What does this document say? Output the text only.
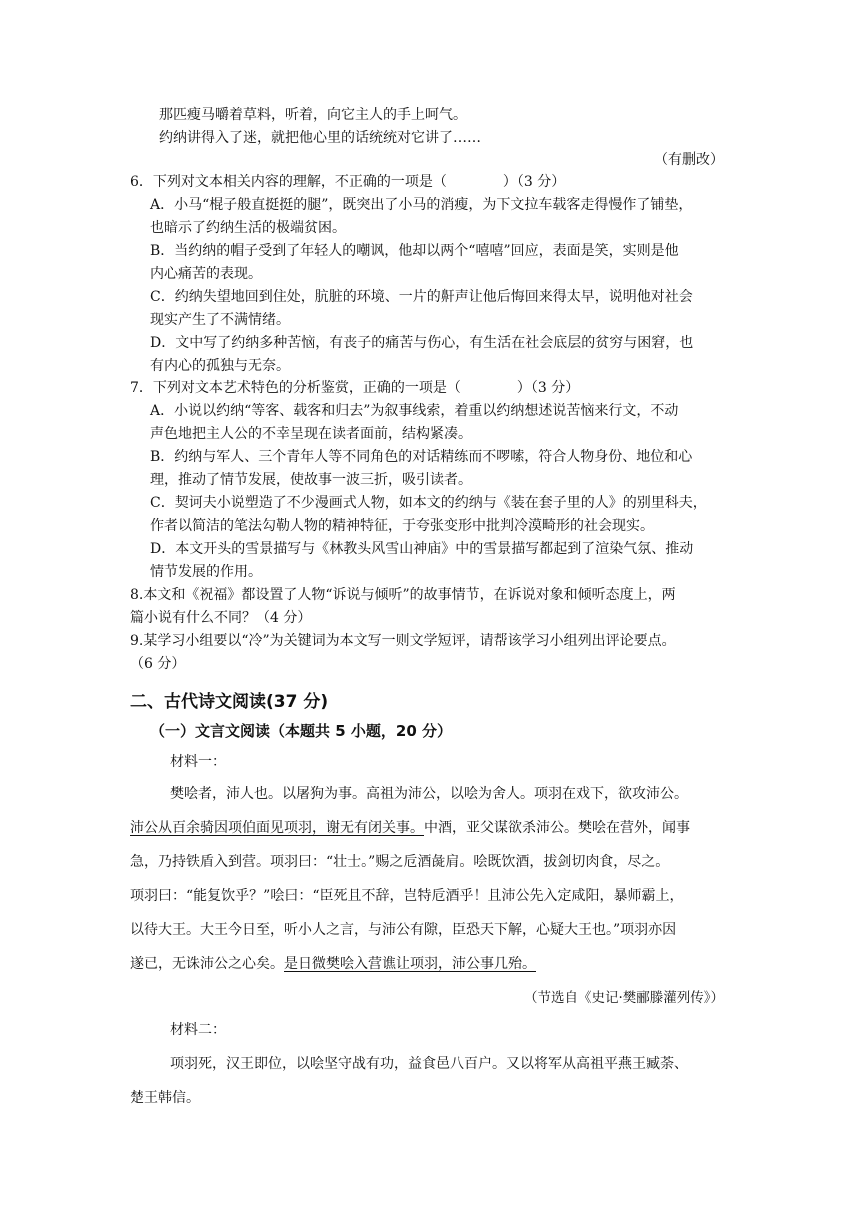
那匹瘦马嚼着草料，听着，向它主人的手上呵气。
约纳讲得入了迷，就把他心里的话统统对它讲了……
（有删改）
6．下列对文本相关内容的理解，不正确的一项是（　　　　）（3 分）
A．小马“棍子般直挺挺的腿”，既突出了小马的消瘦，为下文拉车载客走得慢作了铺垫，
也暗示了约纳生活的极端贫困。
B．当约纳的帽子受到了年轻人的嘲讽，他却以两个“嘻嘻”回应，表面是笑，实则是他
内心痛苦的表现。
C．约纳失望地回到住处，肮脏的环境、一片的鼾声让他后悔回来得太早，说明他对社会
现实产生了不满情绪。
D．文中写了约纳多种苦恼，有丧子的痛苦与伤心，有生活在社会底层的贫穷与困窘，也
有内心的孤独与无奈。
7．下列对文本艺术特色的分析鉴赏，正确的一项是（　　　　）（3 分）
A．小说以约纳“等客、载客和归去”为叙事线索，着重以约纳想述说苦恼来行文，不动
声色地把主人公的不幸呈现在读者面前，结构紧凑。
B．约纳与军人、三个青年人等不同角色的对话精练而不啰嗦，符合人物身份、地位和心
理，推动了情节发展，使故事一波三折，吸引读者。
C．契诃夫小说塑造了不少漫画式人物，如本文的约纳与《装在套子里的人》的别里科夫，
作者以简洁的笔法勾勒人物的精神特征，于夸张变形中批判冷漠畸形的社会现实。
D．本文开头的雪景描写与《林教头风雪山神庙》中的雪景描写都起到了渲染气氛、推动
情节发展的作用。
8.本文和《祝福》都设置了人物“诉说与倾听”的故事情节，在诉说对象和倾听态度上，两
篇小说有什么不同？（4 分）
9.某学习小组要以“冷”为关键词为本文写一则文学短评，请帮该学习小组列出评论要点。
（6 分）
二、古代诗文阅读(37 分)
（一）文言文阅读（本题共 5 小题，20 分）
材料一：
樊哙者，沛人也。以屠狗为事。高祖为沛公，以哙为舍人。项羽在戏下，欲攻沛公。
沛公从百余骑因项伯面见项羽，谢无有闭关事。中酒，亚父谋欲杀沛公。樊哙在营外，闻事
急，乃持铁盾入到营。项羽曰：“壮士。”赐之卮酒彘肩。哙既饮酒，拔剑切肉食，尽之。
项羽曰：“能复饮乎？”哙曰：“臣死且不辞，岂特卮酒乎！且沛公先入定咸阳，暴师霸上，
以待大王。大王今日至，听小人之言，与沛公有隙，臣恐天下解，心疑大王也。”项羽亦因
遂已，无诛沛公之心矣。是日微樊哙入营谯让项羽，沛公事几殆。
（节选自《史记·樊郦滕灌列传》）
材料二：
项羽死，汉王即位，以哙坚守战有功，益食邑八百户。又以将军从高祖平燕王臧荼、
楚王韩信。
